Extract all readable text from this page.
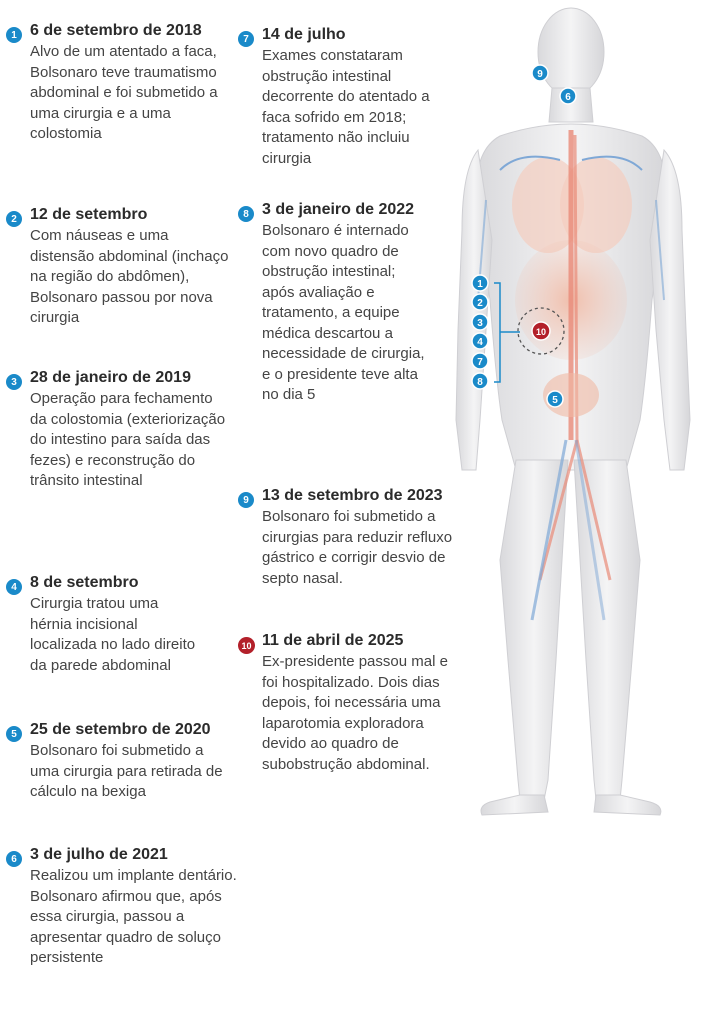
1 6 de setembro de 2018
Alvo de um atentado a faca, Bolsonaro teve traumatismo abdominal e foi submetido a uma cirurgia e a uma colostomia
2 12 de setembro
Com náuseas e uma distensão abdominal (inchaço na região do abdômen), Bolsonaro passou por nova cirurgia
3 28 de janeiro de 2019
Operação para fechamento da colostomia (exteriorização do intestino para saída das fezes) e reconstrução do trânsito intestinal
4 8 de setembro
Cirurgia tratou uma hérnia incisional localizada no lado direito da parede abdominal
5 25 de setembro de 2020
Bolsonaro foi submetido a uma cirurgia para retirada de cálculo na bexiga
6 3 de julho de 2021
Realizou um implante dentário. Bolsonaro afirmou que, após essa cirurgia, passou a apresentar quadro de soluço persistente
7 14 de julho
Exames constataram obstrução intestinal decorrente do atentado a faca sofrido em 2018; tratamento não incluiu cirurgia
8 3 de janeiro de 2022
Bolsonaro é internado com novo quadro de obstrução intestinal; após avaliação e tratamento, a equipe médica descartou a necessidade de cirurgia, e o presidente teve alta no dia 5
9 13 de setembro de 2023
Bolsonaro foi submetido a cirurgias para reduzir refluxo gástrico e corrigir desvio de septo nasal.
10 11 de abril de 2025
Ex-presidente passou mal e foi hospitalizado. Dois dias depois, foi necessária uma laparotomia exploradora devido ao quadro de subobstrução abdominal.
1
2
3
4
7
8
5
6
9
10
